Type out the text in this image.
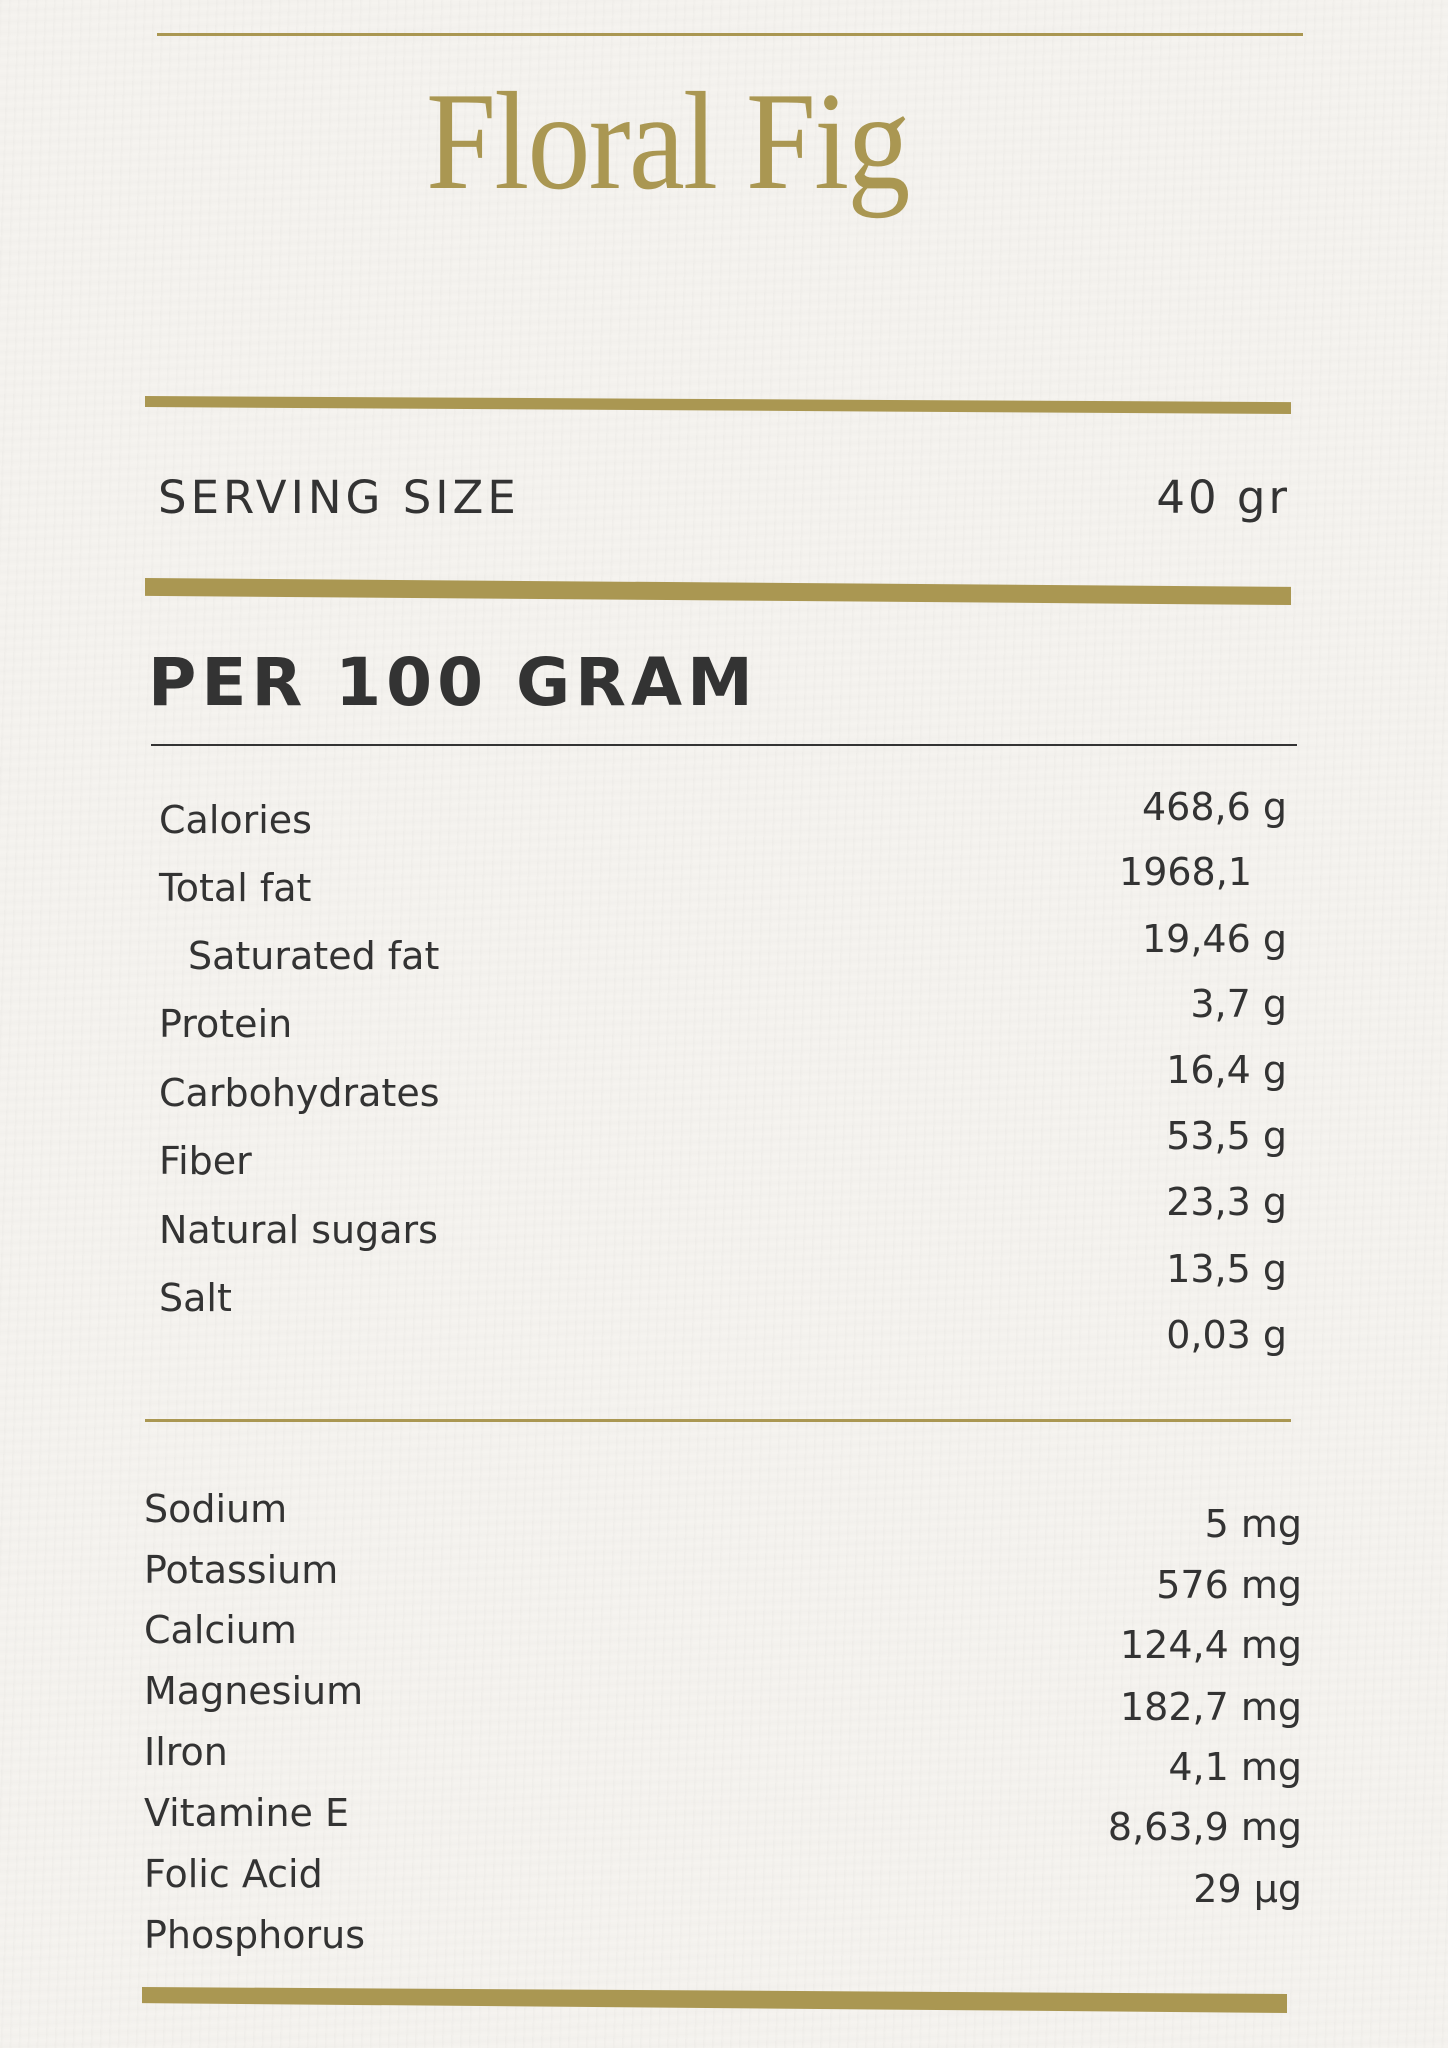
Floral Fig
SERVING SIZE	40 gr
PER 100 GRAM
Calories
Total fat
Saturated fat
Protein
Carbohydrates
Fiber
Natural sugars
Salt
468,6 g
1968,1
19,46 g
3,7 g
16,4 g
53,5 g
23,3 g
13,5 g
0,03 g
Sodium
Potassium
Calcium
Magnesium
Ilron
Vitamine E
Folic Acid
Phosphorus
5 mg
576 mg
124,4 mg
182,7 mg
4,1 mg
8,63,9 mg
29 µg
